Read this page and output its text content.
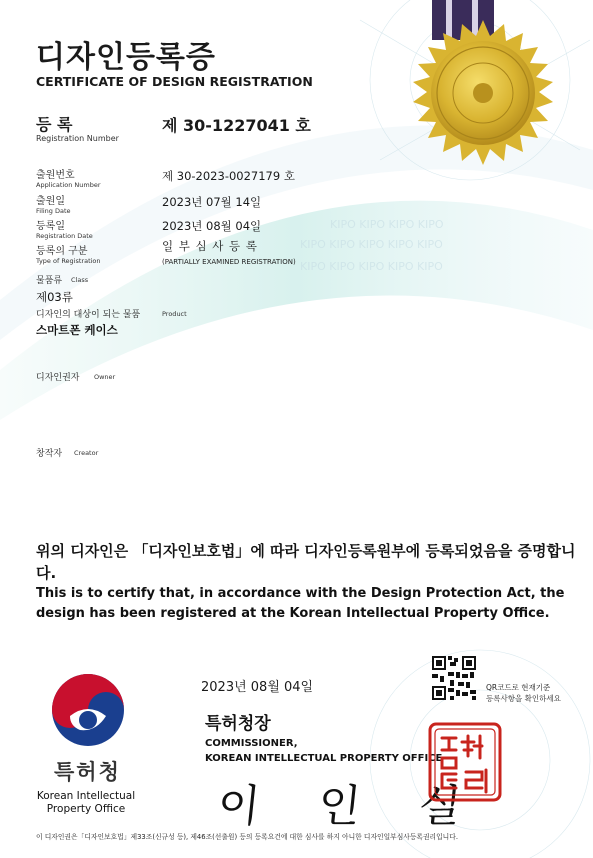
KIPO KIPO KIPO KIPO
KIPO KIPO KIPO KIPO KIPO
KIPO KIPO KIPO KIPO KIPO
디자인등록증
CERTIFICATE OF DESIGN REGISTRATION
등 록
Registration Number
제 30-1227041 호
출원번호
Application Number
제 30-2023-0027179 호
출원일
Filing Date
2023년 07월 14일
등록일
Registration Date
2023년 08월 04일
등록의 구분
Type of Registration
일 부 심 사 등 록
(PARTIALLY EXAMINED REGISTRATION)
물품류 Class
제03류
디자인의 대상이 되는 물품	Product
스마트폰 케이스
디자인권자 Owner
창작자 Creator
위의 디자인은 「디자인보호법」에 따라 디자인등록원부에 등록되었음을 증명합니다.
This is to certify that, in accordance with the Design Protection Act, the design has been registered at the Korean Intellectual Property Office.
2023년 08월 04일
특허청장
COMMISSIONER,
KOREAN INTELLECTUAL PROPERTY OFFICE
이 인 실
특허청
Korean Intellectual Property Office
QR코드로 현재기준
등록사항을 확인하세요
이 디자인권은「디자인보호법」제33조(신규성 등), 제46조(선출원) 등의 등록요건에 대한 심사를 하지 아니한 디자인일부심사등록권리입니다.
